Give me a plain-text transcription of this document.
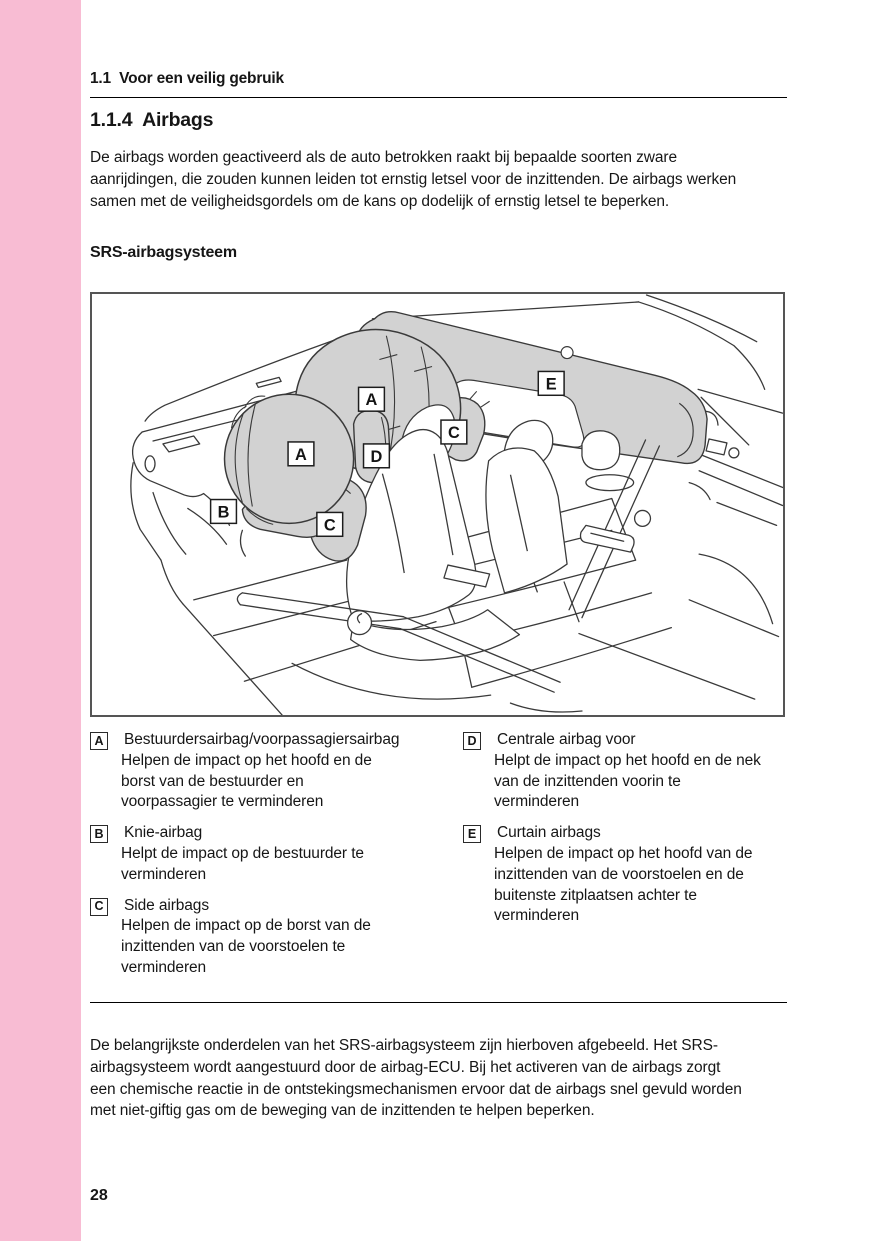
1.1  Voor een veilig gebruik
1.1.4  Airbags
De airbags worden geactiveerd als de auto betrokken raakt bij bepaalde soorten zware aanrijdingen, die zouden kunnen leiden tot ernstig letsel voor de inzittenden. De airbags werken samen met de veiligheidsgordels om de kans op dodelijk of ernstig letsel te beperken.
SRS-airbagsysteem
A
E
C
A	D
B
C
A Bestuurdersairbag/voorpassagiersairbag
Helpen de impact op het hoofd en de borst van de bestuurder en voorpassagier te verminderen
B Knie-airbag
Helpt de impact op de bestuurder te verminderen
C Side airbags
Helpen de impact op de borst van de inzittenden van de voorstoelen te verminderen
D Centrale airbag voor
Helpt de impact op het hoofd en de nek van de inzittenden voorin te verminderen
E	Curtain airbags
Helpen de impact op het hoofd van de inzittenden van de voorstoelen en de buitenste zitplaatsen achter te verminderen
De belangrijkste onderdelen van het SRS-airbagsysteem zijn hierboven afgebeeld. Het SRS-airbagsysteem wordt aangestuurd door de airbag-ECU. Bij het activeren van de airbags zorgt een chemische reactie in de ontstekingsmechanismen ervoor dat de airbags snel gevuld worden met niet-giftig gas om de beweging van de inzittenden te helpen beperken.
28
